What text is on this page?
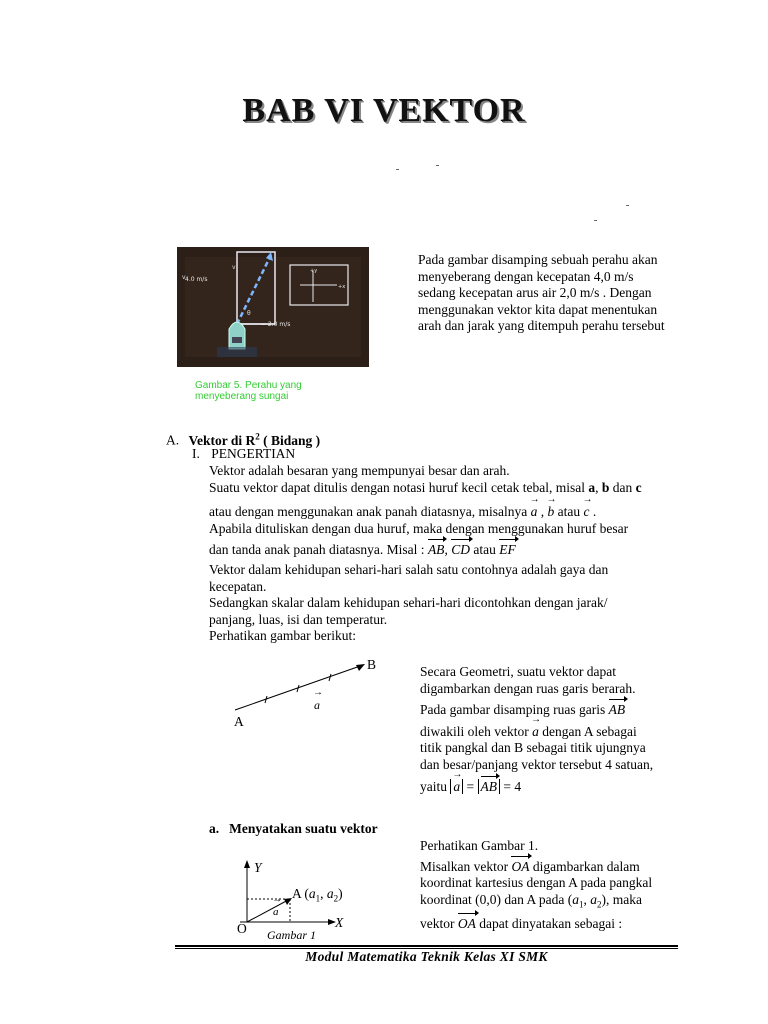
BAB VI VEKTOR
θ
v
v 4.0 m/s
= 2.0 m/s
+y
+x
Gambar 5. Perahu yang
menyeberang sungai
Pada gambar disamping sebuah perahu akan
menyeberang dengan kecepatan 4,0 m/s
sedang kecepatan arus air 2,0 m/s . Dengan
menggunakan vektor kita dapat menentukan
arah dan jarak yang ditempuh perahu tersebut
A. Vektor di $R^2$ ( Bidang )
I. PENGERTIAN
Vektor adalah besaran yang mempunyai besar dan arah.
Suatu vektor dapat ditulis dengan notasi huruf kecil cetak tebal, misal a, b dan c
atau dengan menggunakan anak panah diatasnya, misalnya a → , b → atau c → .
Apabila dituliskan dengan dua huruf, maka dengan menggunakan huruf besar
dan tanda anak panah diatasnya. Misal : AB, CD atau EF
Vektor dalam kehidupan sehari-hari salah satu contohnya adalah gaya dan
kecepatan.
Sedangkan skalar dalam kehidupan sehari-hari dicontohkan dengan jarak/
panjang, luas, isi dan temperatur.
Perhatikan gambar berikut:
B
A
a →
Secara Geometri, suatu vektor dapat
digambarkan dengan ruas garis berarah.
Pada gambar disamping ruas garis AB
diwakili oleh vektor a → dengan A sebagai
titik pangkal dan B sebagai titik ujungnya
dan besar/panjang vektor tersebut 4 satuan,
yaitu a → = AB = 4
a. Menyatakan suatu vektor
Perhatikan Gambar 1.
Misalkan vektor OA digambarkan dalam
koordinat kartesius dengan A pada pangkal
koordinat (0,0) dan A pada ($a_1$, $a_2$), maka
vektor OA dapat dinyatakan sebagai :
Y
X
O
A ($a_1$, $a_2$)
a →
Gambar 1
Modul Matematika Teknik Kelas XI SMK
